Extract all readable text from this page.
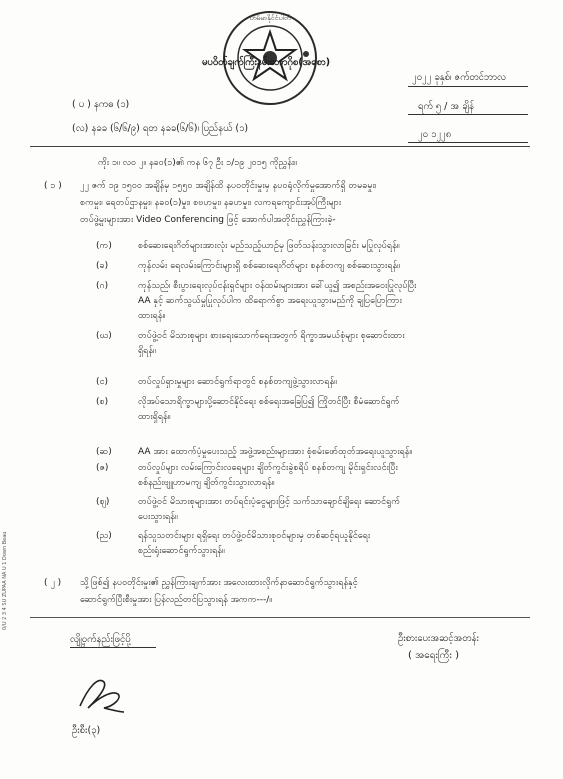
ဟိမိမာနိုင်ငံပါတီ
မပဝိတ်ချက်ကြီးနမ်းဘောဂိုစ(အစော)
၂၀၂၂ ခုနှစ်၊ ဇက်တင်ဘာလ
ရက် ၅ / အ ချိန်
၂၀ ၁၂၂၈
( ပ ) နကဓ (၁)
(လ) နခခ (၆/၆/၉) ရတ နခခ(၆/၆)၊ ပြည်နယ် (၁)
ကိုး ၁။ လဝ ၂။ နခဝ(၁)၏ ကန ၆၇ ဦး ၁/၁၉ ၂၀၁၅ ကိုညွှန်း။
( ၁ ) ၂၂ ဇက် ၁၉ ၁၅၀၀ အချိန်မှ ၁၅၅၀ အချိန်ထိ နပဝတိုင်းမှုးမှ နပဝရုံလိုက်မှုအောက်ရှိ တမခမှုး၊
စကမှုး၊ ရေတပ်ဌာနမှုး၊ နခဝ(၁)မှုး၊ စဗဟမှုး၊ နခဟမှုး၊ လကရကျောင်းအုပ်ကြီးများ
တပ်ဖွဲ့မှုးများအား Video Conferencing ဖြင့် အောက်ပါအတိုင်းညွှန်ကြားခဲ့-
(က)	စစ်ဆေးရေးဂိတ်များအားလုံး မည်သည့်ယာဉ်မှ ဖြတ်သန်းသွားလာခြင်း မပြုလုပ်ရန်။
(ခ)	ကုန်လမ်း ရေလမ်းကြောင်းများရှိ စစ်ဆေးရေးဂိတ်များ စနစ်တကျ စစ်ဆေးသွားရန်။
(ဂ)	ကုန်သည်၊ စီးပွားရေးလုပ်ငန်းရှင်များ ဝန်ထမ်းများအား ခေါ်ယူ၍ အစည်းအဝေးပြုလုပ်ပြီး
AA နှင့် ဆက်သွယ်မှုပြုလုပ်ပါက ထိရောက်စွာ အရေးယူသွားမည်ကို ချပြပြောကြား
ထားရန်။
(ဃ)	တပ်ဖွဲ့ဝင် မိသားစုများ စားရေးသောက်ရေးအတွက် ရိက္ခာအမယ်စုံများ စုဆောင်းထား
ရှိရန်။
(င)	တပ်လှုပ်ရှားမှုများ ဆောင်ရွက်ရာတွင် စနစ်တကျဖွဲ့သွားလာရန်။
(စ)	လိုအပ်သောရိက္ခာများပို့ဆောင်နိုင်ရေး စစ်ရေးအခြေပြ၍ ကြိုတင်ပြီး စီမံဆောင်ရွက်
ထားရှိရန်။
(ဆ)	AA အား ထောက်ပံ့မှုပေးသည့် အဖွဲ့အစည်းများအား စုံစမ်းဖော်ထုတ်အရေးယူသွားရန်။
(ဇ)	တပ်လှုပ်များ လမ်းကြောင်းလရေများ ချိတ်ကွင်းခွဲစရိပ် စနစ်တကျ မိုင်းရှင်းလင်းပြီး
စစ်နည်းဗျူဟာမကျ ချိတ်ကွင်းသွားလာရန်။
(ဈ)	တပ်ဖွဲ့ဝင် မိသားစုများအား တပ်ရင်းပံ့ငွေများဖြင့် သက်သာချောင်ချိရေး ဆောင်ရွက်
ပေးသွားရန်။
(ည)	ရန်သူသတင်းများ ရရှိရေး တပ်ဖွဲ့ဝင်မိသားစုဝင်များမှ တစ်ဆင့်ရယူနိုင်ရေး
စည်းရုံးဆောင်ရွက်သွားရန်။
( ၂ ) သို့ဖြစ်၍ နပဝတိုင်းမှုး၏ ညွှန်ကြားချက်အား အလေးထားလိုက်နာဆောင်ရွက်သွားရန်နှင့်
ဆောင်ရွက်ပြီးစီးမှုအား ပြန်လည်တင်ပြသွားရန် အကက---/။
လျို့ဝှက်နည်းဖြင့်ပို့	ဦးစားပေးအဆင့်အတန်း
( အရေးကြီး )
ဦးစီး(၃)
0/U 2 3 4 SU ZUPAA NA U 1 Down Beau
